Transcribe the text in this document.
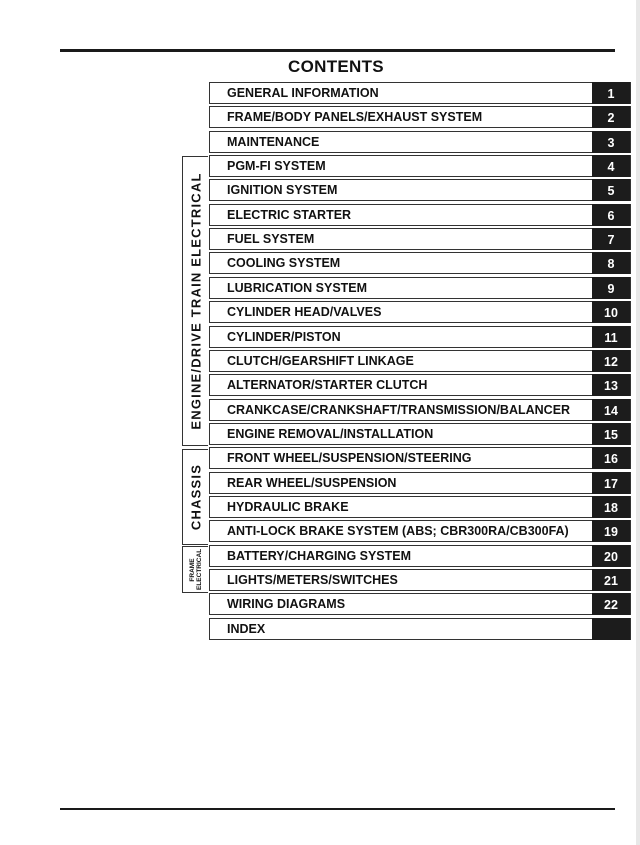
CONTENTS
ENGINE/DRIVE TRAIN ELECTRICAL
CHASSIS
FRAME ELECTRICAL
GENERAL INFORMATION	1
FRAME/BODY PANELS/EXHAUST SYSTEM	2
MAINTENANCE	3
PGM-FI SYSTEM	4
IGNITION SYSTEM	5
ELECTRIC STARTER	6
FUEL SYSTEM	7
COOLING SYSTEM	8
LUBRICATION SYSTEM	9
CYLINDER HEAD/VALVES	10
CYLINDER/PISTON	11
CLUTCH/GEARSHIFT LINKAGE	12
ALTERNATOR/STARTER CLUTCH	13
CRANKCASE/CRANKSHAFT/TRANSMISSION/BALANCER	14
ENGINE REMOVAL/INSTALLATION	15
FRONT WHEEL/SUSPENSION/STEERING	16
REAR WHEEL/SUSPENSION	17
HYDRAULIC BRAKE	18
ANTI-LOCK BRAKE SYSTEM (ABS; CBR300RA/CB300FA)	19
BATTERY/CHARGING SYSTEM	20
LIGHTS/METERS/SWITCHES	21
WIRING DIAGRAMS	22
INDEX
